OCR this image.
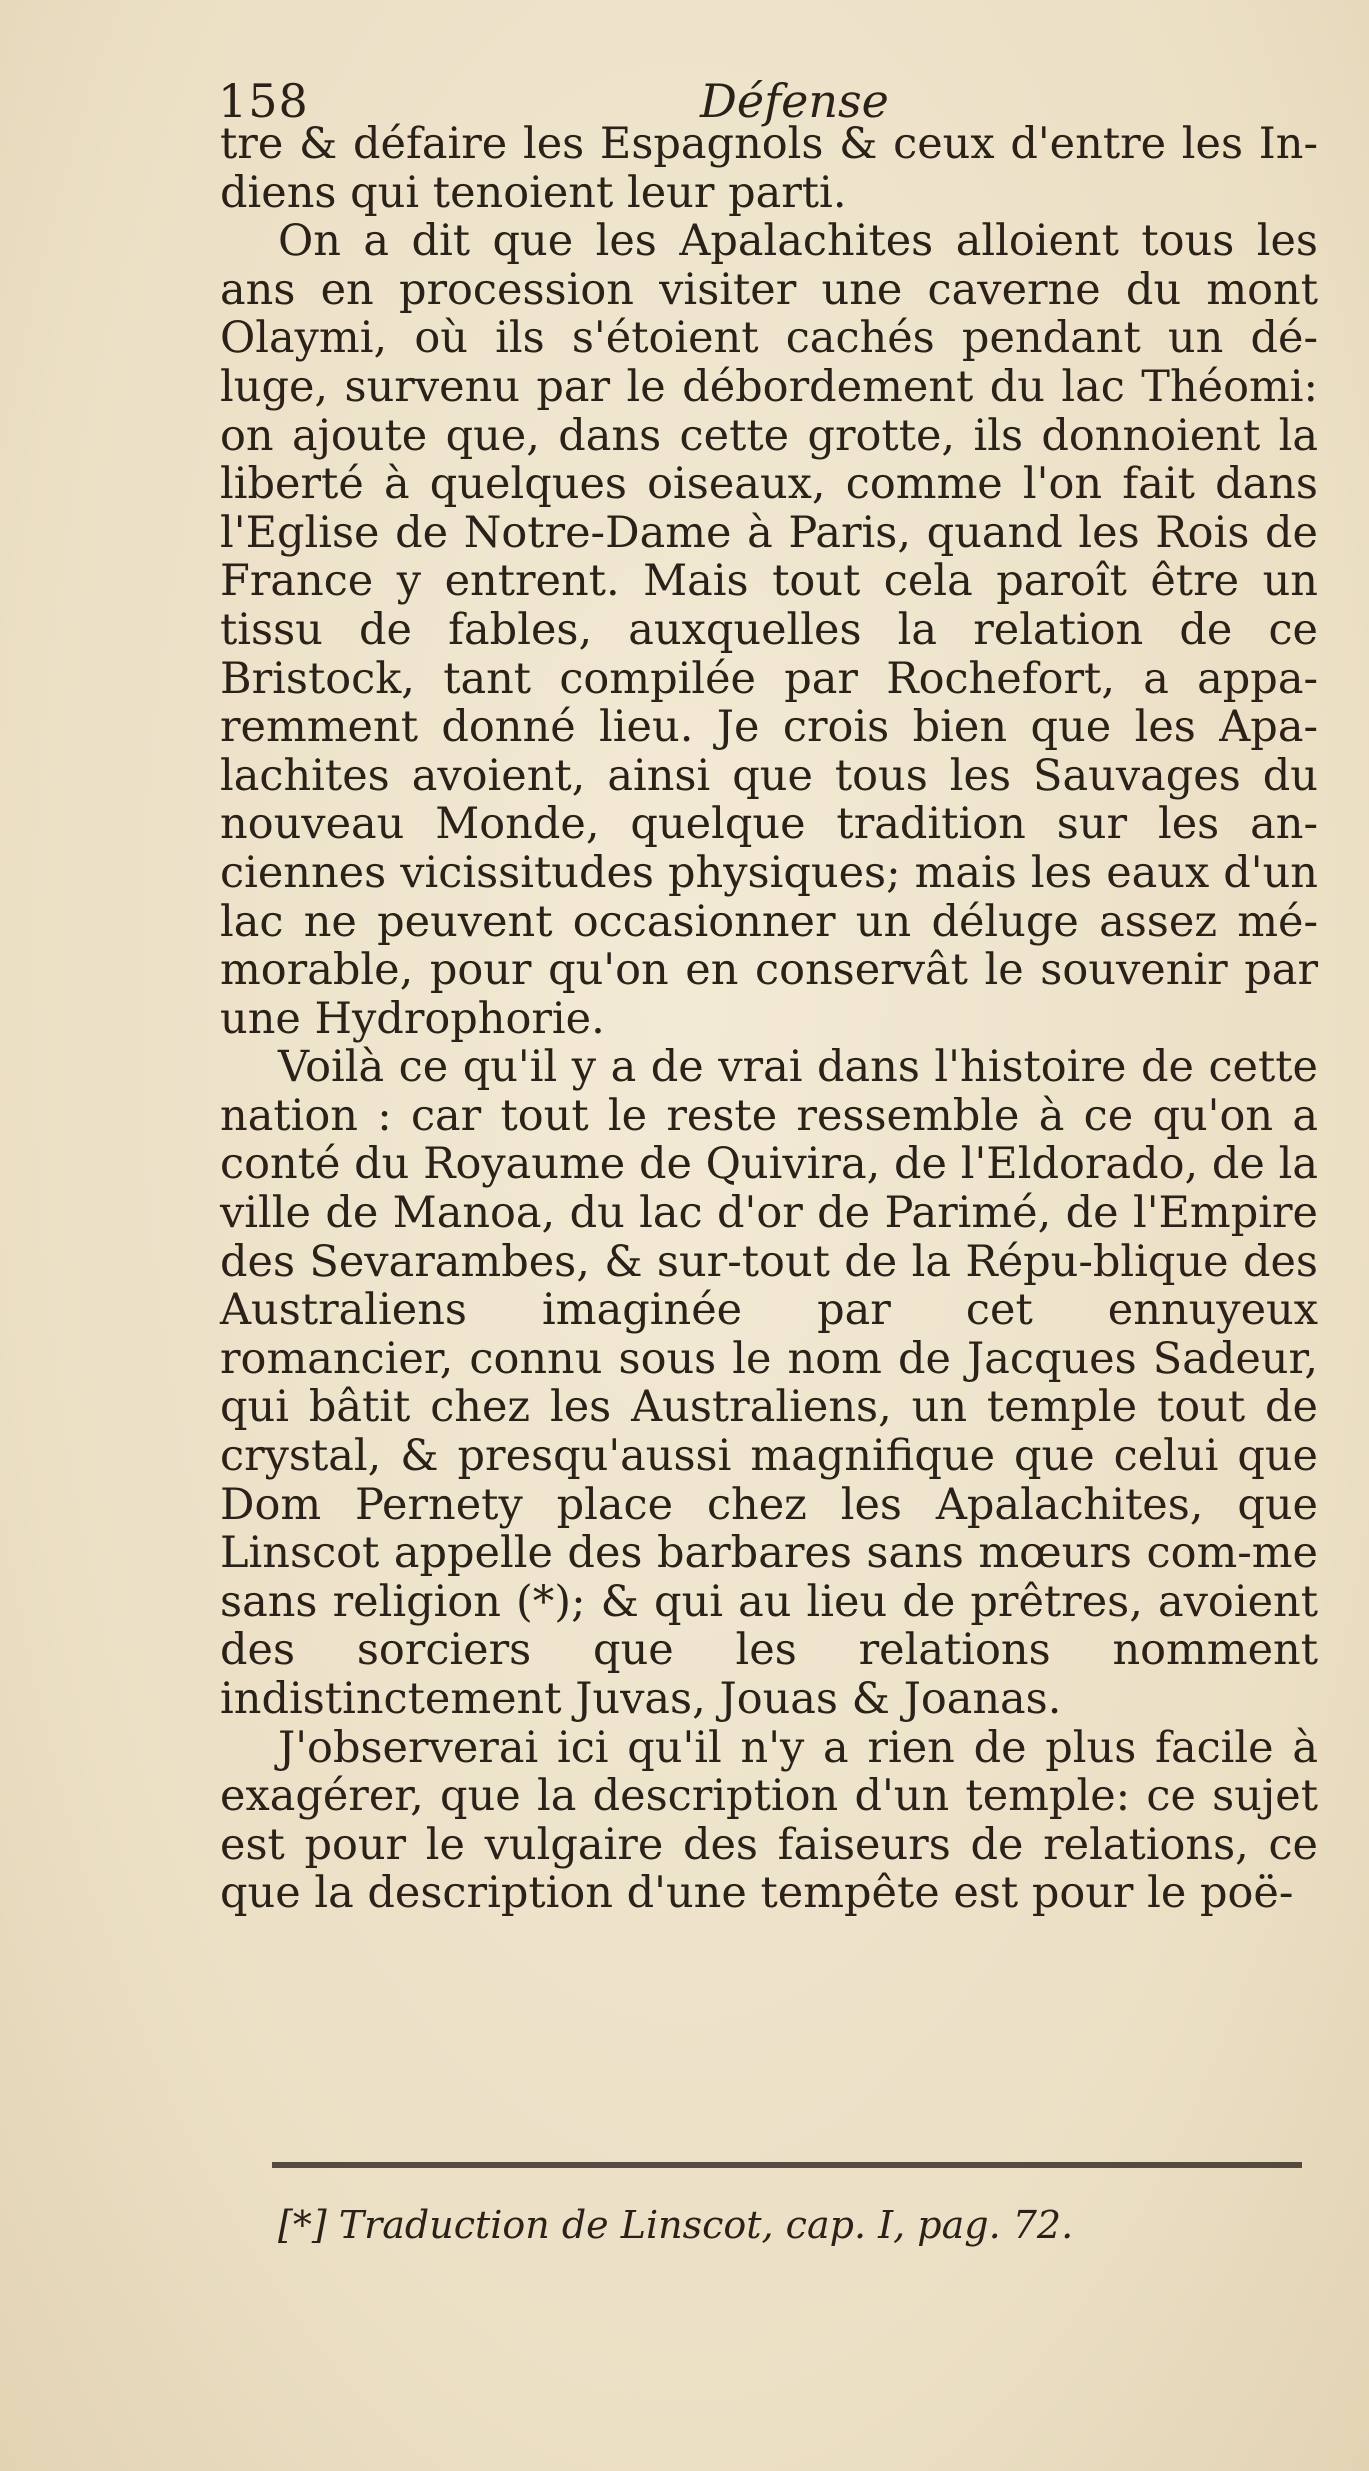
158	Défense

tre & défaire les Espagnols & ceux d'entre les In-diens qui tenoient leur parti.

On a dit que les Apalachites alloient tous les ans en procession visiter une caverne du mont Olaymi, où ils s'étoient cachés pendant un dé-luge, survenu par le débordement du lac Théomi: on ajoute que, dans cette grotte, ils donnoient la liberté à quelques oiseaux, comme l'on fait dans l'Eglise de Notre-Dame à Paris, quand les Rois de France y entrent. Mais tout cela paroît être un tissu de fables, auxquelles la relation de ce Bristock, tant compilée par Rochefort, a appa-remment donné lieu. Je crois bien que les Apa-lachites avoient, ainsi que tous les Sauvages du nouveau Monde, quelque tradition sur les an-ciennes vicissitudes physiques; mais les eaux d'un lac ne peuvent occasionner un déluge assez mé-morable, pour qu'on en conservât le souvenir par une Hydrophorie.

Voilà ce qu'il y a de vrai dans l'histoire de cette nation : car tout le reste ressemble à ce qu'on a conté du Royaume de Quivira, de l'Eldorado, de la ville de Manoa, du lac d'or de Parimé, de l'Empire des Sevarambes, & sur-tout de la Répu-blique des Australiens imaginée par cet ennuyeux romancier, connu sous le nom de Jacques Sadeur, qui bâtit chez les Australiens, un temple tout de crystal, & presqu'aussi magnifique que celui que Dom Pernety place chez les Apalachites, que Linscot appelle des barbares sans mœurs com-me sans religion (*); & qui au lieu de prêtres, avoient des sorciers que les relations nomment indistinctement Juvas, Jouas & Joanas.

J'observerai ici qu'il n'y a rien de plus facile à exagérer, que la description d'un temple: ce sujet est pour le vulgaire des faiseurs de relations, ce que la description d'une tempête est pour le poë-

[*] Traduction de Linscot, cap. I, pag. 72.
